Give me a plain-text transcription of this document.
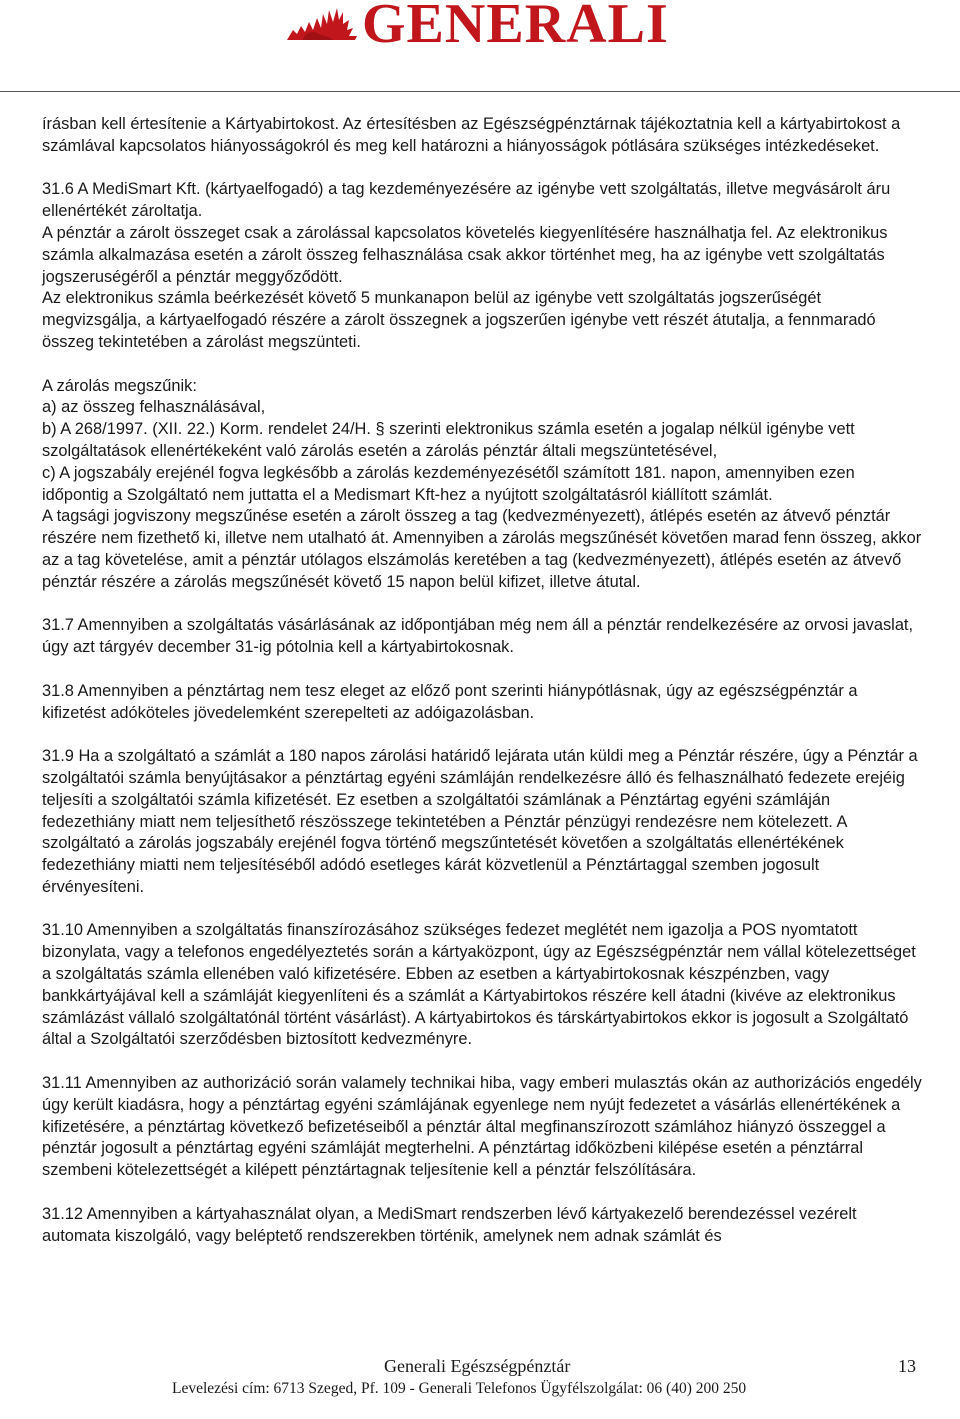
GENERALI

írásban kell értesítenie a Kártyabirtokost. Az értesítésben az Egészségpénztárnak tájékoztatnia kell a kártyabirtokost a számlával kapcsolatos hiányosságokról és meg kell határozni a hiányosságok pótlására szükséges intézkedéseket.

31.6 A MediSmart Kft. (kártyaelfogadó) a tag kezdeményezésére az igénybe vett szolgáltatás, illetve megvásárolt áru ellenértékét zároltatja.

A pénztár a zárolt összeget csak a zárolással kapcsolatos követelés kiegyenlítésére használhatja fel. Az elektronikus számla alkalmazása esetén a zárolt összeg felhasználása csak akkor történhet meg, ha az igénybe vett szolgáltatás jogszeruségéről a pénztár meggyőződött.

Az elektronikus számla beérkezését követő 5 munkanapon belül az igénybe vett szolgáltatás jogszerűségét megvizsgálja, a kártyaelfogadó részére a zárolt összegnek a jogszerűen igénybe vett részét átutalja, a fennmaradó összeg tekintetében a zárolást megszünteti.

A zárolás megszűnik:

a) az összeg felhasználásával,

b) A 268/1997. (XII. 22.) Korm. rendelet 24/H. § szerinti elektronikus számla esetén a jogalap nélkül igénybe vett szolgáltatások ellenértékeként való zárolás esetén a zárolás pénztár általi megszüntetésével,

c) A jogszabály erejénél fogva legkésőbb a zárolás kezdeményezésétől számított 181. napon, amennyiben ezen időpontig a Szolgáltató nem juttatta el a Medismart Kft-hez a nyújtott szolgáltatásról kiállított számlát.

A tagsági jogviszony megszűnése esetén a zárolt összeg a tag (kedvezményezett), átlépés esetén az átvevő pénztár részére nem fizethető ki, illetve nem utalható át. Amennyiben a zárolás megszűnését követően marad fenn összeg, akkor az a tag követelése, amit a pénztár utólagos elszámolás keretében a tag (kedvezményezett), átlépés esetén az átvevő pénztár részére a zárolás megszűnését követő 15 napon belül kifizet, illetve átutal.

31.7 Amennyiben a szolgáltatás vásárlásának az időpontjában még nem áll a pénztár rendelkezésére az orvosi javaslat, úgy azt tárgyév december 31-ig pótolnia kell a kártyabirtokosnak.

31.8 Amennyiben a pénztártag nem tesz eleget az előző pont szerinti hiánypótlásnak, úgy az egészségpénztár a kifizetést adóköteles jövedelemként szerepelteti az adóigazolásban.

31.9 Ha a szolgáltató a számlát a 180 napos zárolási határidő lejárata után küldi meg a Pénztár részére, úgy a Pénztár a szolgáltatói számla benyújtásakor a pénztártag egyéni számláján rendelkezésre álló és felhasználható fedezete erejéig teljesíti a szolgáltatói számla kifizetését. Ez esetben a szolgáltatói számlának a Pénztártag egyéni számláján fedezethiány miatt nem teljesíthető részösszege tekintetében a Pénztár pénzügyi rendezésre nem kötelezett. A szolgáltató a zárolás jogszabály erejénél fogva történő megszűntetését követően a szolgáltatás ellenértékének fedezethiány miatti nem teljesítéséből adódó esetleges kárát közvetlenül a Pénztártaggal szemben jogosult érvényesíteni.

31.10 Amennyiben a szolgáltatás finanszírozásához szükséges fedezet meglétét nem igazolja a POS nyomtatott bizonylata, vagy a telefonos engedélyeztetés során a kártyaközpont, úgy az Egészségpénztár nem vállal kötelezettséget a szolgáltatás számla ellenében való kifizetésére. Ebben az esetben a kártyabirtokosnak készpénzben, vagy bankkártyájával kell a számláját kiegyenlíteni és a számlát a Kártyabirtokos részére kell átadni (kivéve az elektronikus számlázást vállaló szolgáltatónál történt vásárlást). A kártyabirtokos és társkártyabirtokos ekkor is jogosult a Szolgáltató által a Szolgáltatói szerződésben biztosított kedvezményre.

31.11 Amennyiben az authorizáció során valamely technikai hiba, vagy emberi mulasztás okán az authorizációs engedély úgy került kiadásra, hogy a pénztártag egyéni számlájának egyenlege nem nyújt fedezetet a vásárlás ellenértékének a kifizetésére, a pénztártag következő befizetéseiből a pénztár által megfinanszírozott számlához hiányzó összeggel a pénztár jogosult a pénztártag egyéni számláját megterhelni. A pénztártag időközbeni kilépése esetén a pénztárral szembeni kötelezettségét a kilépett pénztártagnak teljesítenie kell a pénztár felszólítására.

31.12 Amennyiben a kártyahasználat olyan, a MediSmart rendszerben lévő kártyakezelő berendezéssel vezérelt automata kiszolgáló, vagy beléptető rendszerekben történik, amelynek nem adnak számlát és

Generali Egészségpénztár	13
Levelezési cím: 6713 Szeged, Pf. 109 - Generali Telefonos Ügyfélszolgálat: 06 (40) 200 250
